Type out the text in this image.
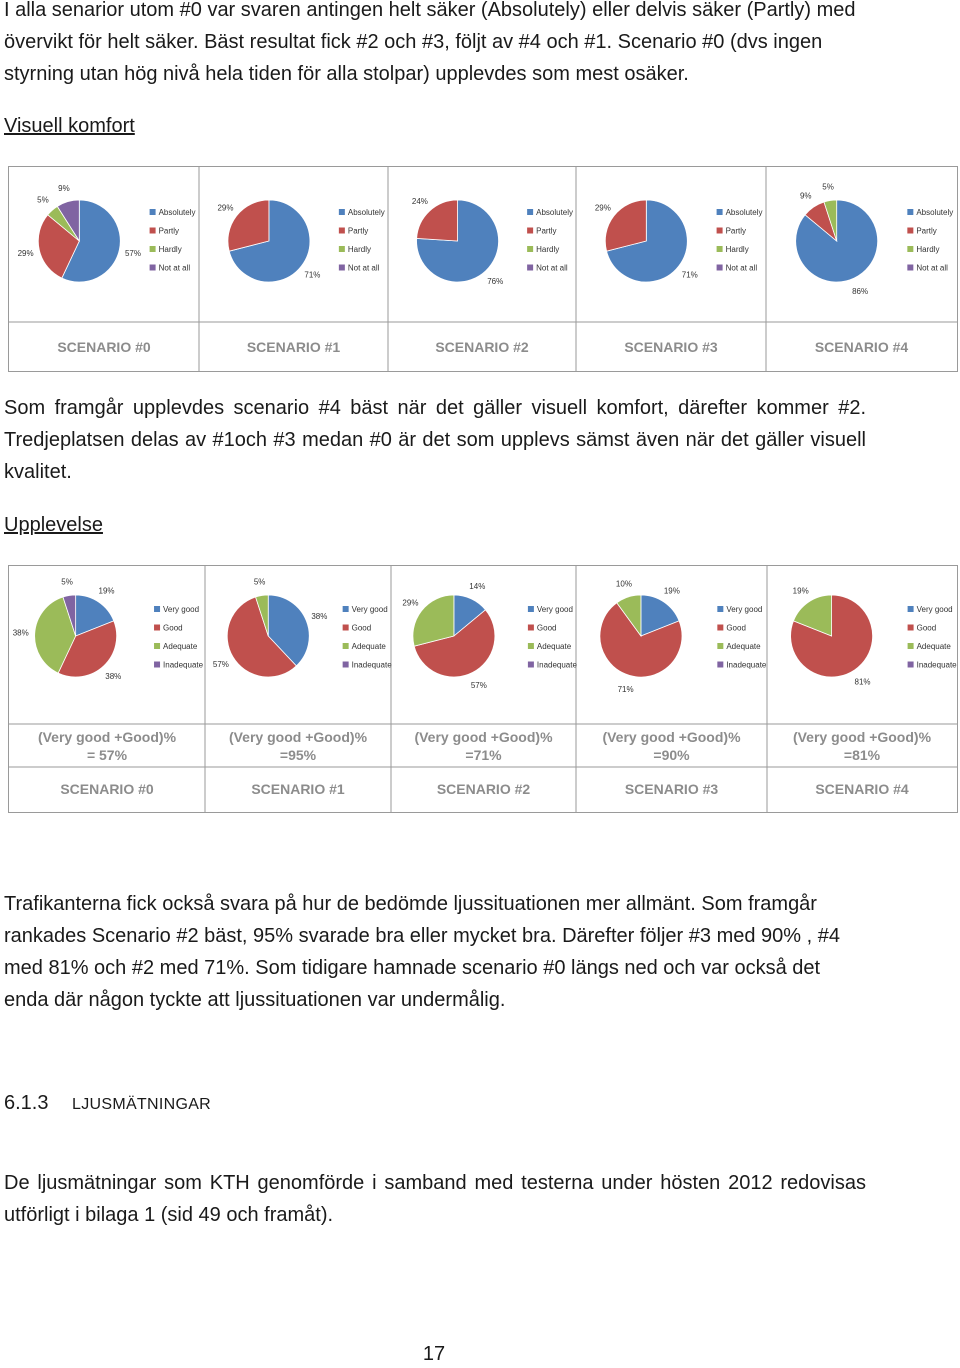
I alla senarior utom #0 var svaren antingen helt säker (Absolutely) eller delvis säker (Partly) med övervikt för helt säker. Bäst resultat fick #2 och #3, följt av #4 och #1. Scenario #0 (dvs ingen styrning utan hög nivå hela tiden för alla stolpar) upplevdes som mest osäker.

Visuell komfort

57%
29%
5%
9%
Absolutely
Partly
Hardly
Not at all
SCENARIO #0
71%
29%
Absolutely
Partly
Hardly
Not at all
SCENARIO #1
76%
24%
Absolutely
Partly
Hardly
Not at all
SCENARIO #2
71%
29%
Absolutely
Partly
Hardly
Not at all
SCENARIO #3
86%
9%
5%
Absolutely
Partly
Hardly
Not at all
SCENARIO #4

Som framgår upplevdes scenario #4 bäst när det gäller visuell komfort, därefter kommer #2. Tredjeplatsen delas av #1och #3 medan #0 är det som upplevs sämst även när det gäller visuell kvalitet.

Upplevelse

19%
38%
38%
5%
Very good
Good
Adequate
Inadequate
(Very good +Good)%
= 57%
SCENARIO #0
38%
57%
5%
Very good
Good
Adequate
Inadequate
(Very good +Good)%
=95%
SCENARIO #1
14%
57%
29%
Very good
Good
Adequate
Inadequate
(Very good +Good)%
=71%
SCENARIO #2
19%
71%
10%
Very good
Good
Adequate
Inadequate
(Very good +Good)%
=90%
SCENARIO #3
81%
19%
Very good
Good
Adequate
Inadequate
(Very good +Good)%
=81%
SCENARIO #4

Trafikanterna fick också svara på hur de bedömde ljussituationen mer allmänt. Som framgår rankades Scenario #2 bäst, 95% svarade bra eller mycket bra. Därefter följer #3 med 90% , #4 med 81% och #2 med 71%. Som tidigare hamnade scenario #0 längs ned och var också det enda där någon tyckte att ljussituationen var undermålig.

6.1.3 LJUSMÄTNINGAR

De ljusmätningar som KTH genomförde i samband med testerna under hösten 2012 redovisas utförligt i bilaga 1 (sid 49 och framåt).

17
